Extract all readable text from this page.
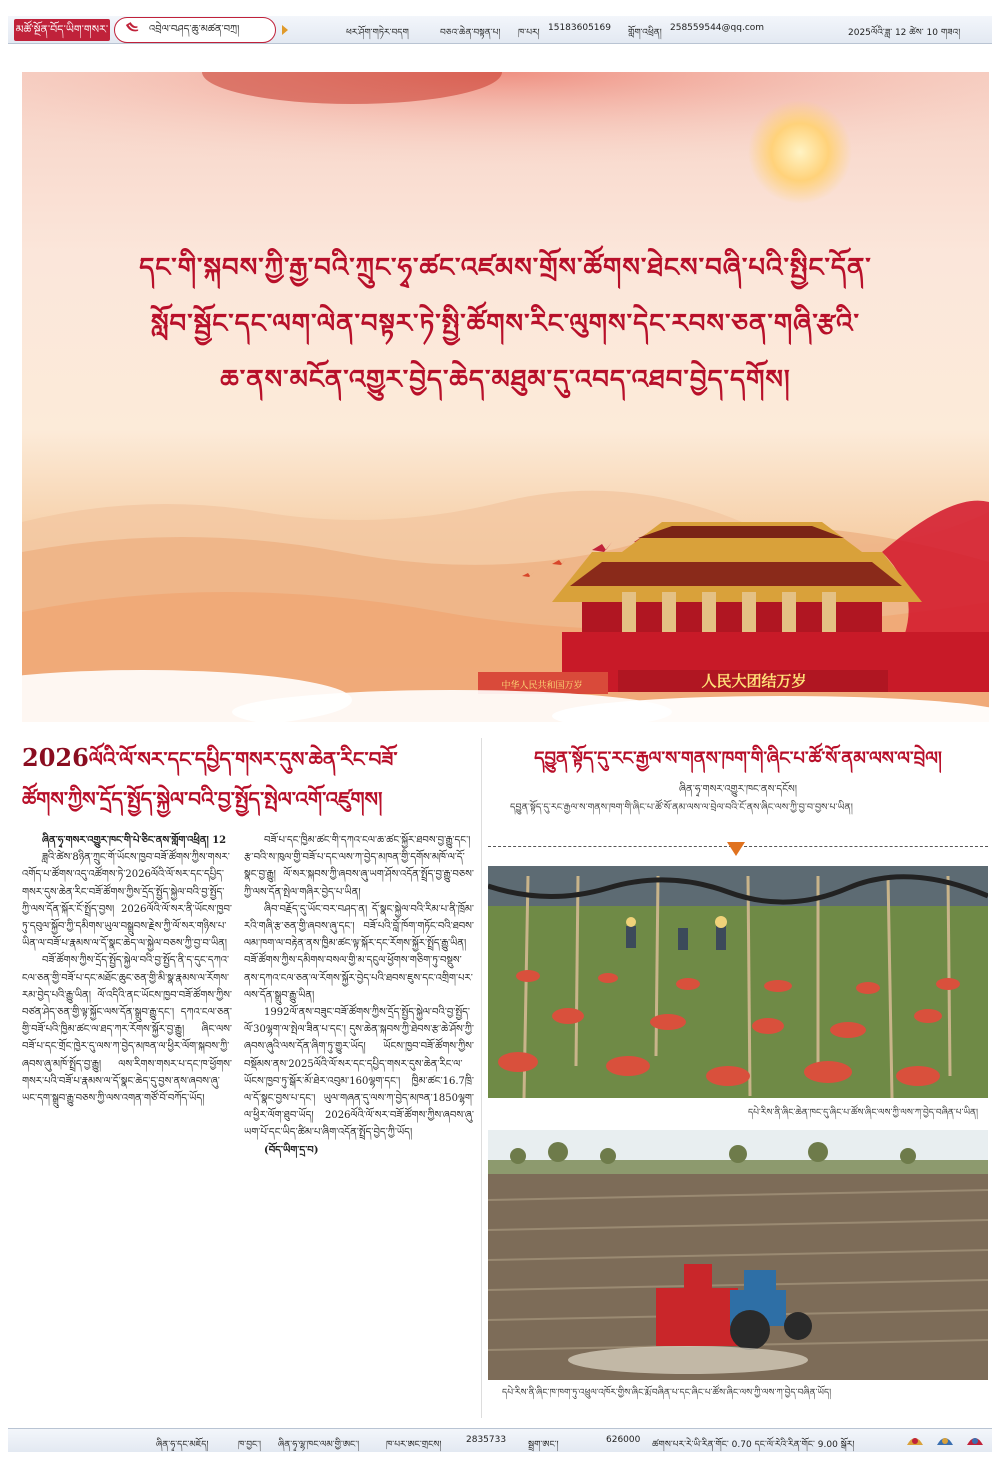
མཚོ་སྔོན་བོད་ཡིག་གསར་འགྱུར།
༤	འབྲེལ་བཤད་ཆུ་མཚན་བཀྲ།	ཕར་ཤོག་གཏེར་བདག	བཅའ་ཆེན་བསྟན་པ། ཁ་པར། 15183605169 གློག་འཕྲིན། 258559544@qq.com	2025ལོའི་ཟླ་ 12 ཚེས་ 10 གཟའ།
人民大团结万岁
中华人民共和国万岁
དང་གི་སྐབས་ཀྱི་རྒྱ་བའི་ཀྲུང་ཧྭ་ཚང་འཛམས་གྲོས་ཚོགས་ཐེངས་བཞི་པའི་སྤྱིང་དོན་
སློབ་སྦྱོང་དང་ལག་ལེན་བསྟར་ཏེ་སྤྱི་ཚོགས་རིང་ལུགས་དེང་རབས་ཅན་གཞི་རྩའི་
ཆ་ནས་མངོན་འགྱུར་བྱེད་ཆེད་མཐུམ་དུ་འབད་འཐབ་བྱེད་དགོས།
2026ལོའི་ལོ་སར་དང་དཔྱིད་གསར་དུས་ཆེན་རིང་བཟོ་
ཚོགས་ཀྱིས་དྲོད་སྤྱོད་སྐྱེལ་བའི་བྱ་སྤྱོད་སྤེལ་འགོ་འཛུགས།

ཞིན་ཧྭ་གསར་འགྱུར་ཁང་གི་པེ་ཅིང་ནས་གློག་འཕྲིན། 12

ཟླའི་ཚེས་8ཉིན་ཀྲུང་གོ་ཡོངས་ཁྱབ་བཟོ་ཚོགས་ཀྱིས་གསར་འགོད་པ་ཚོགས་འདུ་འཚོགས་ཏེ་2026ལོའི་ལོ་སར་དང་དཔྱིད་གསར་དུས་ཆེན་རིང་བཟོ་ཚོགས་ཀྱིས་དྲོད་སྤྱོད་སྐྱེལ་བའི་བྱ་སྤྱོད་ཀྱི་ལས་དོན་སྐོར་ངོ་སྤྲོད་བྱས། 2026ལོའི་ལོ་སར་ནི་ཡོངས་ཁྱབ་ཏུ་དབུལ་སྐྱོབ་ཀྱི་དམིགས་ཡུལ་བསྒྲུབས་རྗེས་ཀྱི་ལོ་སར་གཉིས་པ་ཡིན་ལ་བཟོ་པ་རྣམས་ལ་དོ་སྣང་ཆེད་ལ་སྐྱེལ་བཅས་ཀྱི་བྱ་བ་ཡིན།

བཟོ་ཚོགས་ཀྱིས་དྲོད་སྤྱོད་སྐྱེལ་བའི་བྱ་སྤྱོད་ནི་ད་དུང་དཀའ་ངལ་ཅན་གྱི་བཟོ་པ་དང་མཐོང་ཆུང་ཅན་གྱི་མི་སྣ་རྣམས་ལ་རོགས་རམ་བྱེད་པའི་རྒྱུ་ཡིན། ལོ་འདིའི་ནང་ཡོངས་ཁྱབ་བཟོ་ཚོགས་ཀྱིས་བཙན་ཤེད་ཅན་གྱི་ལྟ་སྐྱོང་ལས་དོན་སྒྲུབ་རྒྱུ་དང་། དཀའ་ངལ་ཅན་གྱི་བཟོ་པའི་ཁྱིམ་ཚང་ལ་ཐད་ཀར་རོགས་སྐྱོར་བྱ་རྒྱུ། ཞིང་ལས་བཟོ་པ་དང་གྲོང་ཁྱེར་དུ་ལས་ཀ་བྱེད་མཁན་ལ་ཕྱིར་ལོག་སྐབས་ཀྱི་ཞབས་ཞུ་མཁོ་སྤྲོད་བྱ་རྒྱུ། ལས་རིགས་གསར་པ་དང་ཁ་ཕྱོགས་གསར་པའི་བཟོ་པ་རྣམས་ལ་དོ་སྣང་ཆེད་དུ་བྱས་ནས་ཞབས་ཞུ་ཡང་དག་སྒྲུབ་རྒྱུ་བཅས་ཀྱི་ལས་འགན་གཙོ་བོ་བཀོད་ཡོད།

བཟོ་པ་དང་ཁྱིམ་ཚང་གི་དཀའ་ངལ་ཆ་ཚང་སྐྱོར་ཐབས་བྱ་རྒྱུ་དང་། རྩ་བའི་ས་ཁུལ་གྱི་བཟོ་པ་དང་ལས་ཀ་བྱེད་མཁན་གྱི་དགོས་མཁོ་ལ་དོ་སྣང་བྱ་རྒྱུ། ལོ་སར་སྐབས་ཀྱི་ཞབས་ཞུ་ཡག་ཤོས་འདོན་སྤྲོད་བྱ་རྒྱུ་བཅས་ཀྱི་ལས་དོན་སྤེལ་གཞིར་བྱེད་པ་ཡིན།

ཞིབ་བརྗོད་དུ་ཡོང་བར་བཤད་ན། དོ་སྣང་སྐྱེལ་བའི་རིམ་པ་ནི་ཁྲོམ་རའི་གཞི་རྩ་ཅན་གྱི་ཞབས་ཞུ་དང་། བཟོ་པའི་བློ་ཁོག་གཏོང་བའི་ཐབས་ལམ་ཁག་ལ་བརྟེན་ནས་ཁྱིམ་ཚང་ལྟ་སྐོར་དང་རོགས་སྐྱོར་སྤྲོད་རྒྱུ་ཡིན། བཟོ་ཚོགས་ཀྱིས་དམིགས་བསལ་གྱི་མ་དངུལ་ཕྱོགས་གཅིག་ཏུ་བསྡུས་ནས་དཀའ་ངལ་ཅན་ལ་རོགས་སྐྱོར་བྱེད་པའི་ཐབས་ཇུས་དང་འགྲིག་པར་ལས་དོན་སྒྲུབ་རྒྱུ་ཡིན།

1992ལོ་ནས་བཟུང་བཟོ་ཚོགས་ཀྱིས་དྲོད་སྤྱོད་སྐྱེལ་བའི་བྱ་སྤྱོད་ལོ་30ལྷག་ལ་སྤེལ་ཟིན་པ་དང་། དུས་ཆེན་སྐབས་ཀྱི་ཐེབས་རྩ་ཆེ་ཤོས་ཀྱི་ཞབས་ཞུའི་ལས་དོན་ཞིག་ཏུ་གྱུར་ཡོད། ཡོངས་ཁྱབ་བཟོ་ཚོགས་ཀྱིས་བསྡོམས་ནས་2025ལོའི་ལོ་སར་དང་དཔྱིད་གསར་དུས་ཆེན་རིང་ལ་ཡོངས་ཁྱབ་ཏུ་སྒོར་མོ་ཐེར་འབུམ་160ལྷག་དང་། ཁྱིམ་ཚང་16.7ཁྲི་ལ་དོ་སྣང་བྱས་པ་དང་། ཡུལ་གཞན་དུ་ལས་ཀ་བྱེད་མཁན་1850ལྷག་ལ་ཕྱིར་ལོག་ཐུབ་ཡོད། 2026ལོའི་ལོ་སར་བཟོ་ཚོགས་ཀྱིས་ཞབས་ཞུ་ཡག་པོ་དང་ཡིད་ཚིམ་པ་ཞིག་འདོན་སྤྲོད་བྱེད་ཀྱི་ཡོད།

(བོད་ཡིག་དྲ་བ)

དབྱུན་སྟོད་དུ་རང་རྒྱལ་ས་གནས་ཁག་གི་ཞིང་པ་ཚོ་སོ་ནམ་ལས་ལ་བྲེལ།
ཞིན་ཧྭ་གསར་འགྱུར་ཁང་ནས་དངོས།
དབྱུན་སྟོད་དུ་རང་རྒྱལ་ས་གནས་ཁག་གི་ཞིང་པ་ཚོ་སོ་ནམ་ལས་ལ་བྲེལ་བའི་ངོ་ནས་ཞིང་ལས་ཀྱི་བྱ་བ་བྱས་པ་ཡིན།
དཔེ་རིས་ནི་ཞིང་ཆེན་ཁང་དུ་ཞིང་པ་ཚོས་ཞིང་ལས་ཀྱི་ལས་ཀ་བྱེད་བཞིན་པ་ཡིན།
དཔེ་རིས་ནི་ཞིང་ཁ་ཁག་ཏུ་འཕྲུལ་འཁོར་གྱིས་ཞིང་རྨོ་བཞིན་པ་དང་ཞིང་པ་ཚོས་ཞིང་ལས་ཀྱི་ལས་ཀ་བྱེད་བཞིན་ཡོད།
ཞིན་ཧྭ་དང་མཇོད།	ཁ་བྱང་། ཞིན་ཧྭ་ལྷ་ཁང་ལམ་གྱི་ཨང་།	ཁ་པར་ཨང་གྲངས།	2835733 སྦྲག་ཨང་།	626000 ཚགས་པར་རེ་ཡི་རིན་གོང་ 0.70 དང་ལོ་རེའི་རིན་གོང་ 9.00 སྒོར།
